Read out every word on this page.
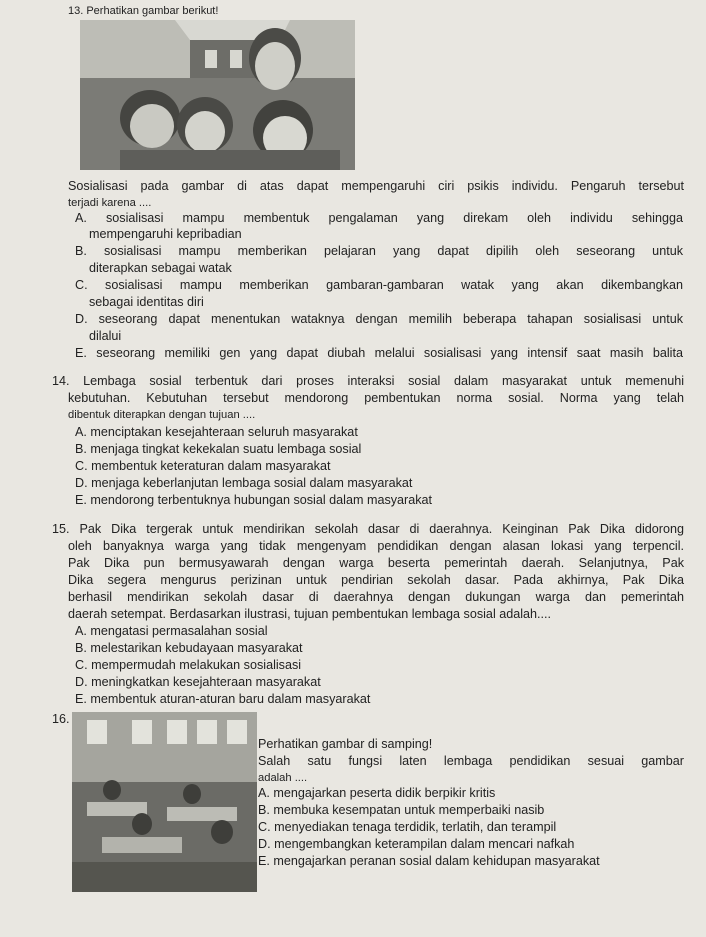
13. Perhatikan gambar berikut!
Sosialisasi pada gambar di atas dapat mempengaruhi ciri psikis individu. Pengaruh tersebut
terjadi karena ....
A. sosialisasi mampu membentuk pengalaman yang direkam oleh individu sehingga
mempengaruhi kepribadian
B. sosialisasi mampu memberikan pelajaran yang dapat dipilih oleh seseorang untuk
diterapkan sebagai watak
C. sosialisasi mampu memberikan gambaran-gambaran watak yang akan dikembangkan
sebagai identitas diri
D. seseorang dapat menentukan wataknya dengan memilih beberapa tahapan sosialisasi untuk
dilalui
E. seseorang memiliki gen yang dapat diubah melalui sosialisasi yang intensif saat masih balita
14. Lembaga sosial terbentuk dari proses interaksi sosial dalam masyarakat untuk memenuhi
kebutuhan. Kebutuhan tersebut mendorong pembentukan norma sosial. Norma yang telah
dibentuk diterapkan dengan tujuan ....
A. menciptakan kesejahteraan seluruh masyarakat
B. menjaga tingkat kekekalan suatu lembaga sosial
C. membentuk keteraturan dalam masyarakat
D. menjaga keberlanjutan lembaga sosial dalam masyarakat
E. mendorong terbentuknya hubungan sosial dalam masyarakat
15. Pak Dika tergerak untuk mendirikan sekolah dasar di daerahnya. Keinginan Pak Dika didorong
oleh banyaknya warga yang tidak mengenyam pendidikan dengan alasan lokasi yang terpencil.
Pak Dika pun bermusyawarah dengan warga beserta pemerintah daerah. Selanjutnya, Pak
Dika segera mengurus perizinan untuk pendirian sekolah dasar. Pada akhirnya, Pak Dika
berhasil mendirikan sekolah dasar di daerahnya dengan dukungan warga dan pemerintah
daerah setempat. Berdasarkan ilustrasi, tujuan pembentukan lembaga sosial adalah....
A. mengatasi permasalahan sosial
B. melestarikan kebudayaan masyarakat
C. mempermudah melakukan sosialisasi
D. meningkatkan kesejahteraan masyarakat
E. membentuk aturan-aturan baru dalam masyarakat
16.
Perhatikan gambar di samping!
Salah satu fungsi laten lembaga pendidikan sesuai gambar
adalah ....
A. mengajarkan peserta didik berpikir kritis
B. membuka kesempatan untuk memperbaiki nasib
C. menyediakan tenaga terdidik, terlatih, dan terampil
D. mengembangkan keterampilan dalam mencari nafkah
E. mengajarkan peranan sosial dalam kehidupan masyarakat
